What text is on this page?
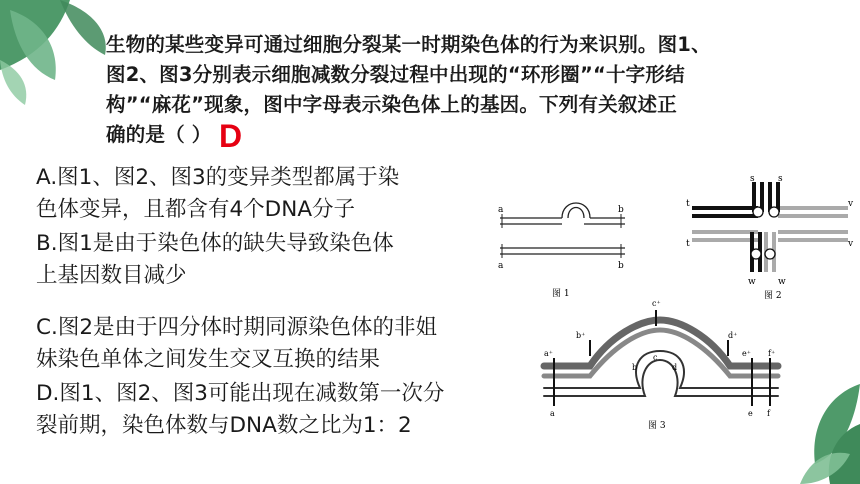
生物的某些变异可通过细胞分裂某一时期染色体的行为来识别。图1、
图2、图3分别表示细胞减数分裂过程中出现的“环形圈”“十字形结
构”“麻花”现象，图中字母表示染色体上的基因。下列有关叙述正
确的是（ ） D
A.图1、图2、图3的变异类型都属于染
色体变异，且都含有4个DNA分子
B.图1是由于染色体的缺失导致染色体
上基因数目减少
C.图2是由于四分体时期同源染色体的非姐
妹染色单体之间发生交叉互换的结果
D.图1、图2、图3可能出现在减数第一次分
裂前期，染色体数与DNA数之比为1：2
a	b
a	b
图 1
s	s
t	v
t	v
w w
图 2
c⁺
b⁺	d⁺
a⁺	e⁺ f⁺
c
b	d
a	e f
图 3
